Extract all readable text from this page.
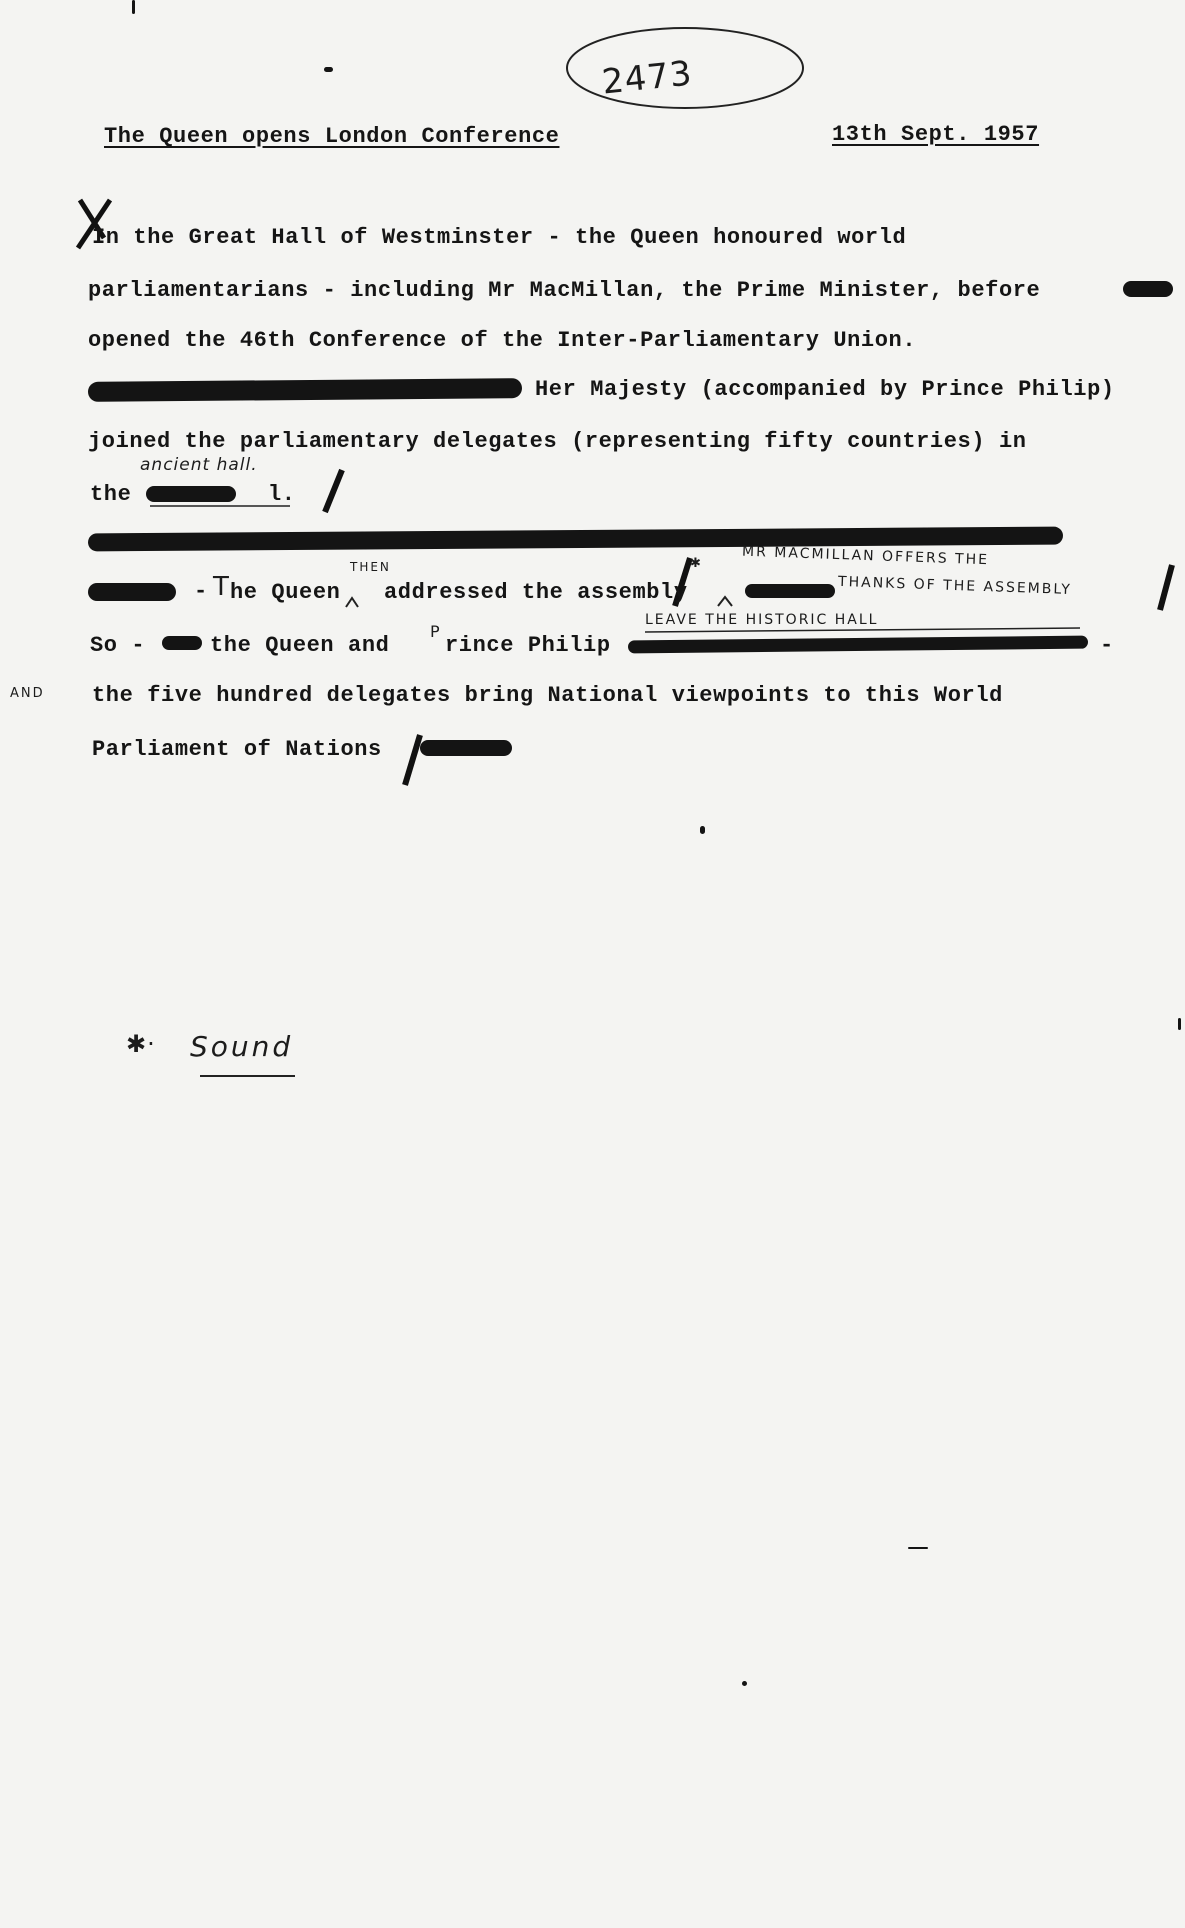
2473
The Queen opens London Conference	13th Sept. 1957
In the Great Hall of Westminster - the Queen honoured world
parliamentarians - including Mr MacMillan, the Prime Minister, before
opened the 46th Conference of the Inter-Parliamentary Union.
Her Majesty (accompanied by Prince Philip)
joined the parliamentary delegates (representing fifty countries) in
ancient hall.
the	l.
- T he Queen
THEN
addressed the assembly
✱	MR MACMILLAN OFFERS THE
THANKS OF THE ASSEMBLY
So -	the Queen and
P
rince Philip
LEAVE THE HISTORIC HALL
-
AND the five hundred delegates bring National viewpoints to this World
Parliament of Nations
✱· Sound
